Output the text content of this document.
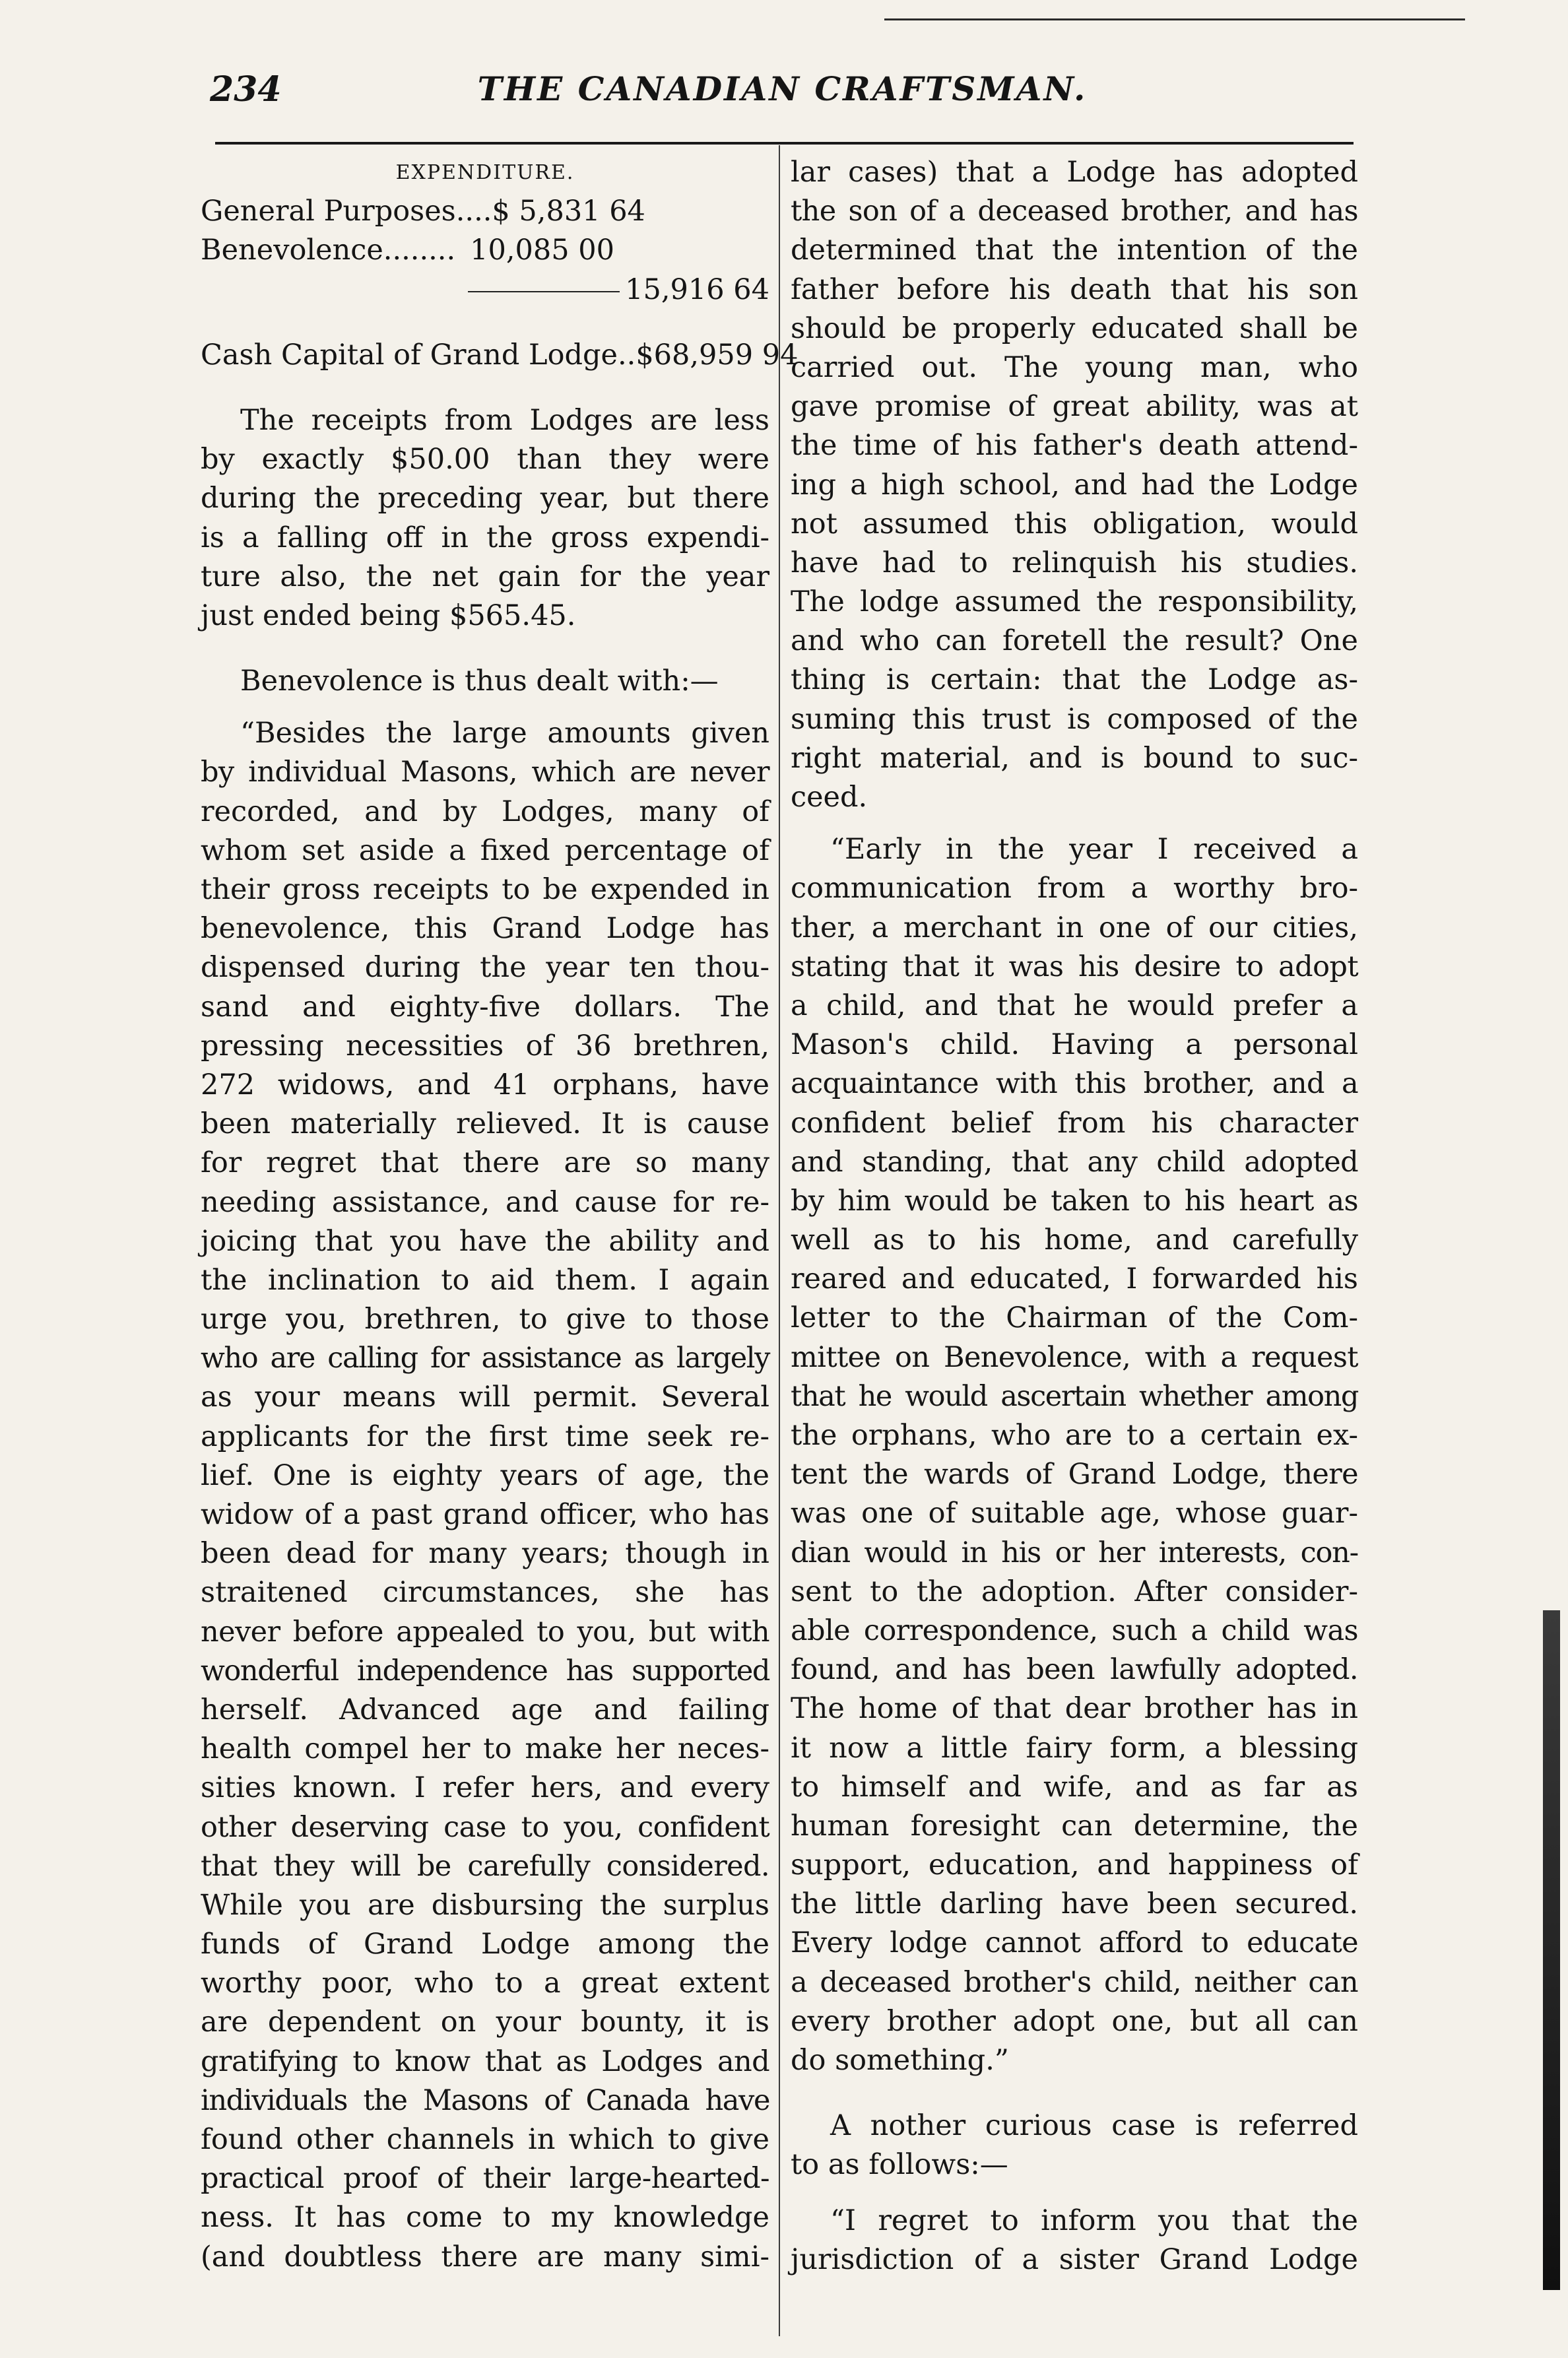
234	THE CANADIAN CRAFTSMAN.
EXPENDITURE.
General Purposes.... $ 5,831 64
Benevolence........ 10,085 00
15,916 64
Cash Capital of Grand Lodge.. $68,959 94
The receipts from Lodges are less
by exactly $50.00 than they were
during the preceding year, but there
is a falling off in the gross expendi-
ture also, the net gain for the year
just ended being $565.45.
Benevolence is thus dealt with:—
“Besides the large amounts given
by individual Masons, which are never
recorded, and by Lodges, many of
whom set aside a fixed percentage of
their gross receipts to be expended in
benevolence, this Grand Lodge has
dispensed during the year ten thou-
sand and eighty-five dollars. The
pressing necessities of 36 brethren,
272 widows, and 41 orphans, have
been materially relieved. It is cause
for regret that there are so many
needing assistance, and cause for re-
joicing that you have the ability and
the inclination to aid them. I again
urge you, brethren, to give to those
who are calling for assistance as largely
as your means will permit. Several
applicants for the first time seek re-
lief. One is eighty years of age, the
widow of a past grand officer, who has
been dead for many years; though in
straitened circumstances, she has
never before appealed to you, but with
wonderful independence has supported
herself. Advanced age and failing
health compel her to make her neces-
sities known. I refer hers, and every
other deserving case to you, confident
that they will be carefully considered.
While you are disbursing the surplus
funds of Grand Lodge among the
worthy poor, who to a great extent
are dependent on your bounty, it is
gratifying to know that as Lodges and
individuals the Masons of Canada have
found other channels in which to give
practical proof of their large-hearted-
ness. It has come to my knowledge
(and doubtless there are many simi-
lar cases) that a Lodge has adopted
the son of a deceased brother, and has
determined that the intention of the
father before his death that his son
should be properly educated shall be
carried out. The young man, who
gave promise of great ability, was at
the time of his father's death attend-
ing a high school, and had the Lodge
not assumed this obligation, would
have had to relinquish his studies.
The lodge assumed the responsibility,
and who can foretell the result? One
thing is certain: that the Lodge as-
suming this trust is composed of the
right material, and is bound to suc-
ceed.
“Early in the year I received a
communication from a worthy bro-
ther, a merchant in one of our cities,
stating that it was his desire to adopt
a child, and that he would prefer a
Mason's child. Having a personal
acquaintance with this brother, and a
confident belief from his character
and standing, that any child adopted
by him would be taken to his heart as
well as to his home, and carefully
reared and educated, I forwarded his
letter to the Chairman of the Com-
mittee on Benevolence, with a request
that he would ascertain whether among
the orphans, who are to a certain ex-
tent the wards of Grand Lodge, there
was one of suitable age, whose guar-
dian would in his or her interests, con-
sent to the adoption. After consider-
able correspondence, such a child was
found, and has been lawfully adopted.
The home of that dear brother has in
it now a little fairy form, a blessing
to himself and wife, and as far as
human foresight can determine, the
support, education, and happiness of
the little darling have been secured.
Every lodge cannot afford to educate
a deceased brother's child, neither can
every brother adopt one, but all can
do something.”
A nother curious case is referred
to as follows:—
“I regret to inform you that the
jurisdiction of a sister Grand Lodge
